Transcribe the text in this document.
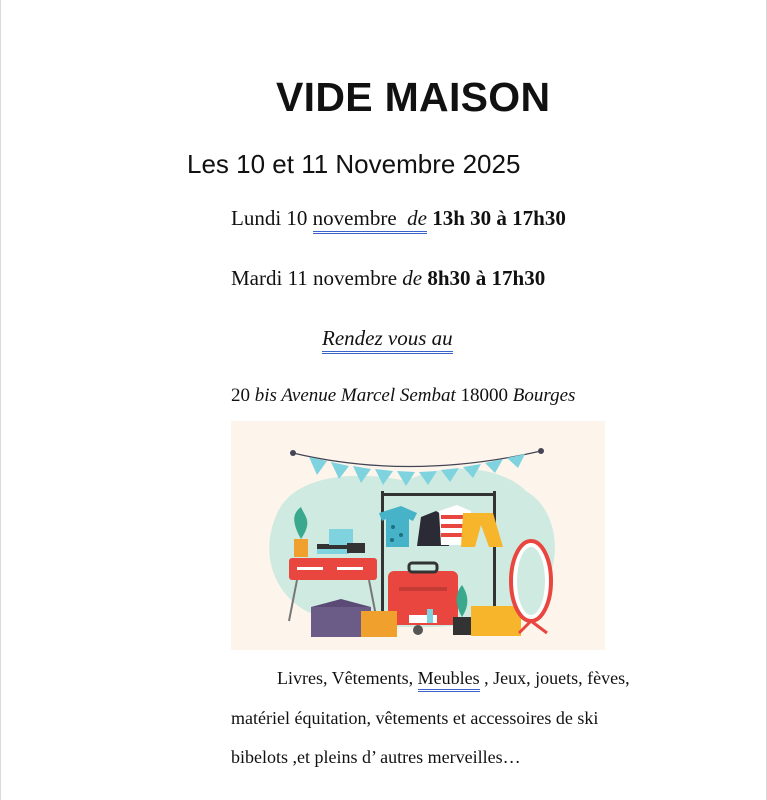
VIDE MAISON
Les 10 et 11 Novembre 2025
Lundi 10 novembre de 13h 30 à 17h30
Mardi 11 novembre de 8h30 à 17h30
Rendez vous au
20 bis Avenue Marcel Sembat 18000 Bourges
Livres, Vêtements, Meubles , Jeux, jouets, fèves,
matériel équitation, vêtements et accessoires de ski
bibelots ,et pleins d’ autres merveilles…
